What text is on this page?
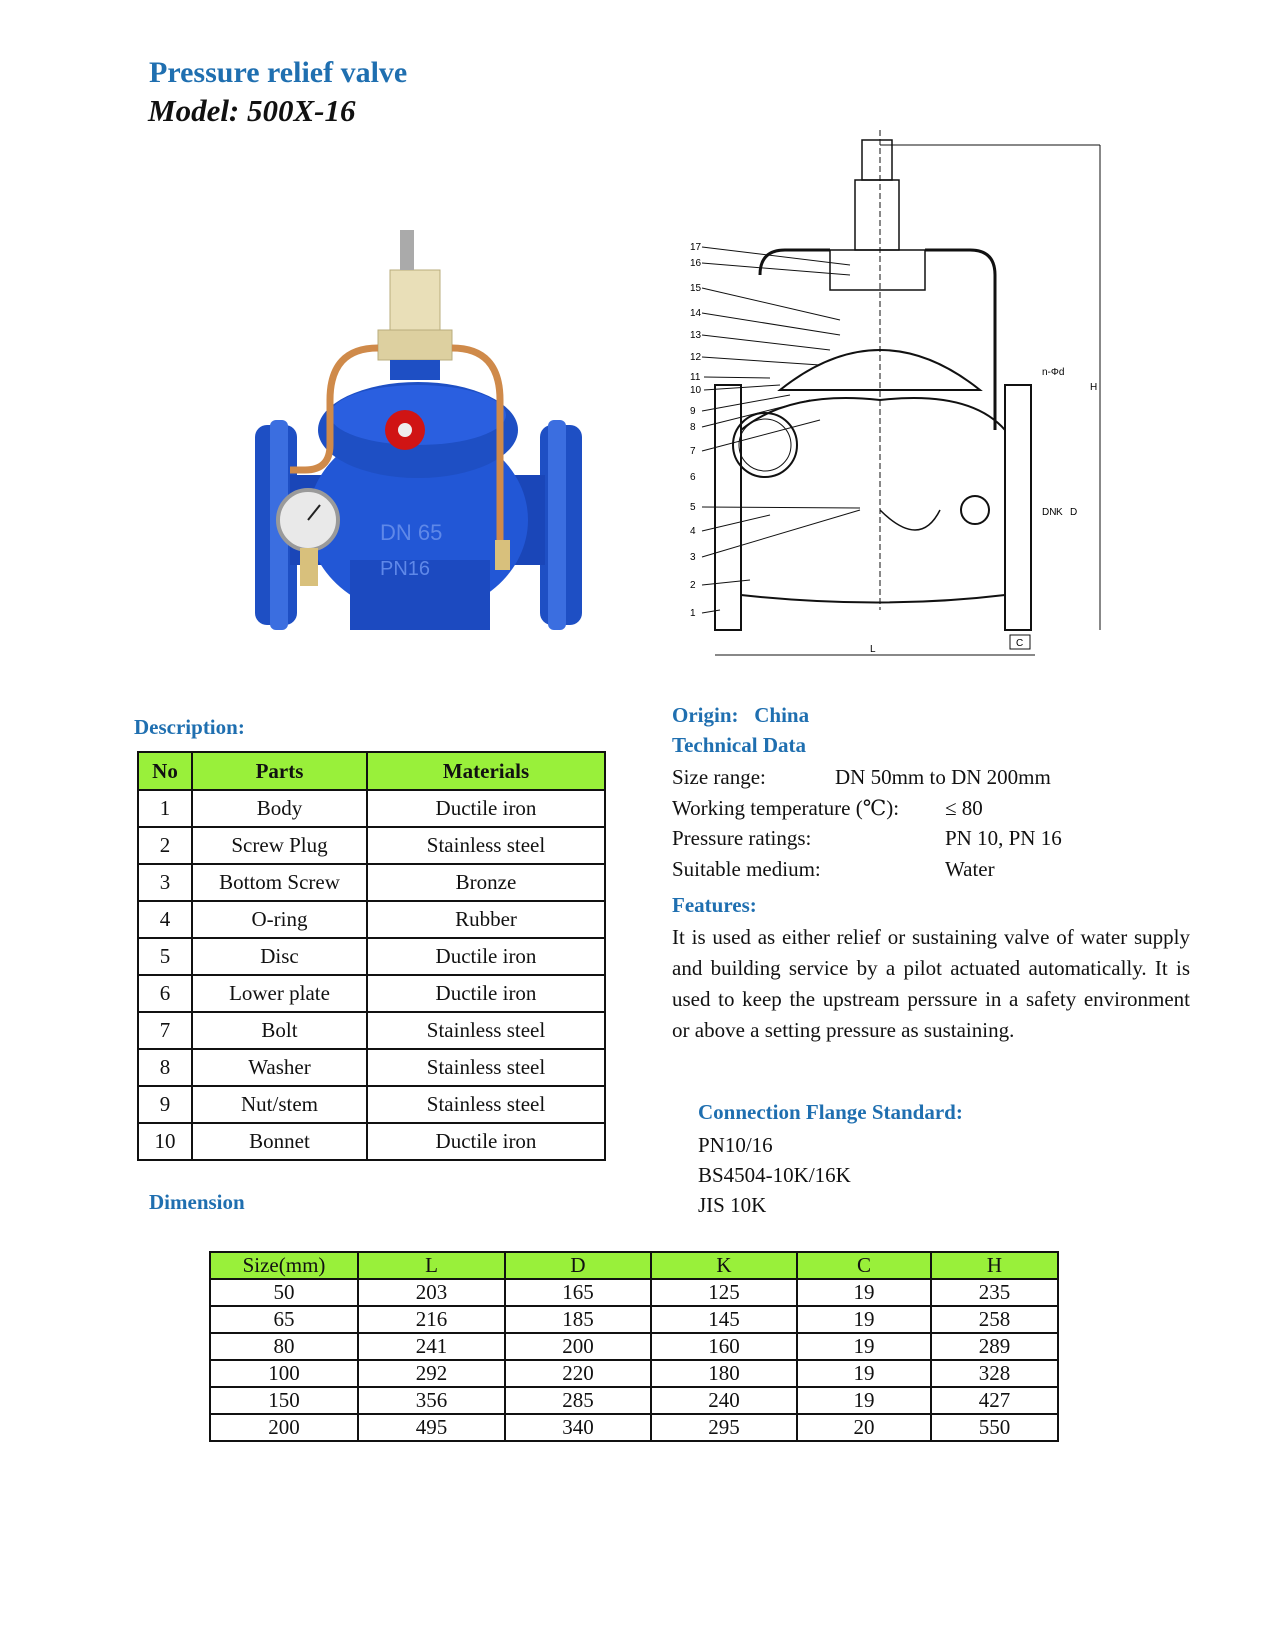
Pressure relief valve
Model: 500X-16
DN 65
PN16
L
C
H
DN K D
n-Φd
17
16
15
14
13
12
11
10
9
8
7
6
5
4
3
2
1
Description:
No	Parts	Materials
1	Body	Ductile iron
2	Screw Plug	Stainless steel
3	Bottom Screw	Bronze
4	O-ring	Rubber
5	Disc	Ductile iron
6	Lower plate	Ductile iron
7	Bolt	Stainless steel
8	Washer	Stainless steel
9	Nut/stem	Stainless steel
10	Bonnet	Ductile iron
Origin: China
Technical Data
Size range:	DN 50mm to DN 200mm
Working temperature (℃):	≤ 80
Pressure ratings:	PN 10, PN 16
Suitable medium:	Water
Features:
It is used as either relief or sustaining valve of water supply and building service by a pilot actuated automatically. It is used to keep the upstream perssure in a safety environment or above a setting pressure as sustaining.
Connection Flange Standard:
PN10/16
BS4504-10K/16K
JIS 10K
Dimension
Size(mm)	L	D	K	C	H
50	203	165	125	19	235
65	216	185	145	19	258
80	241	200	160	19	289
100	292	220	180	19	328
150	356	285	240	19	427
200	495	340	295	20	550
